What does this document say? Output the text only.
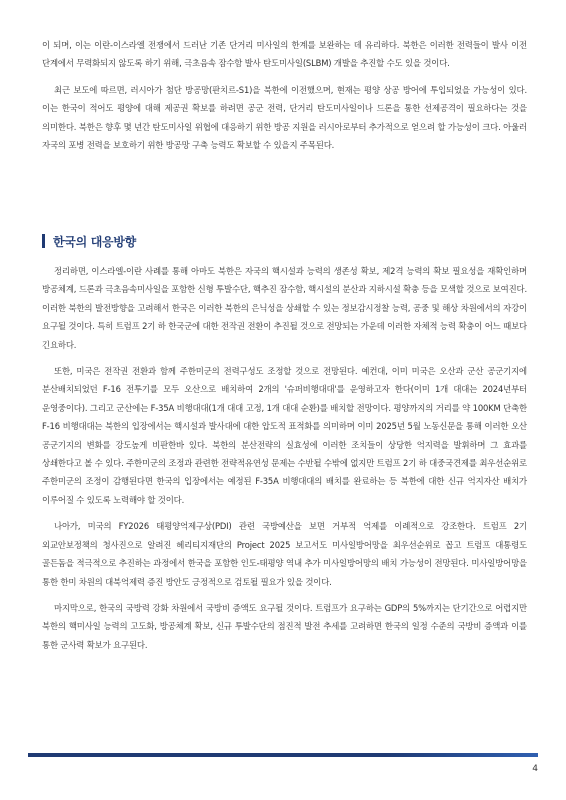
이 되며, 이는 이란-이스라엘 전쟁에서 드러난 기존 단거리 미사일의 한계를 보완하는 데 유리하다. 북한은 이러한 전력들이 발사 이전 단계에서 무력화되지 않도록 하기 위해, 극초음속 잠수함 발사 탄도미사일(SLBM) 개발을 추진할 수도 있을 것이다.

최근 보도에 따르면, 러시아가 첨단 방공망(판치르-S1)을 북한에 이전했으며, 현재는 평양 상공 방어에 투입되었을 가능성이 있다. 이는 한국이 적어도 평양에 대해 제공권 확보를 하려면 공군 전력, 단거리 탄도미사일이나 드론을 통한 선제공격이 필요하다는 것을 의미한다. 북한은 향후 몇 년간 탄도미사일 위협에 대응하기 위한 방공 지원을 러시아로부터 추가적으로 얻으려 할 가능성이 크다. 아울러 자국의 포병 전력을 보호하기 위한 방공망 구축 능력도 확보할 수 있을지 주목된다.

한국의 대응방향

정리하면, 이스라엘-이란 사례를 통해 아마도 북한은 자국의 핵시설과 능력의 생존성 확보, 제2격 능력의 확보 필요성을 재확인하며 방공체계, 드론과 극초음속미사일을 포함한 신형 투발수단, 핵추진 잠수함, 핵시설의 분산과 지하시설 확충 등을 모색할 것으로 보여진다. 이러한 북한의 발전방향을 고려해서 한국은 이러한 북한의 은닉성을 상쇄할 수 있는 정보감시정찰 능력, 공중 및 해상 차원에서의 자강이 요구될 것이다. 특히 트럼프 2기 하 한국군에 대한 전작권 전환이 추진될 것으로 전망되는 가운데 이러한 자체적 능력 확충이 어느 때보다 긴요하다.

또한, 미국은 전작권 전환과 함께 주한미군의 전력구성도 조정할 것으로 전망된다. 예컨대, 이미 미국은 오산과 군산 공군기지에 분산배치되었던 F-16 전투기를 모두 오산으로 배치하여 2개의 '슈퍼비행대대'를 운영하고자 한다(이미 1개 대대는 2024년부터 운영중이다). 그리고 군산에는 F-35A 비행대대(1개 대대 고정, 1개 대대 순환)를 배치할 전망이다. 평양까지의 거리를 약 100KM 단축한 F-16 비행대대는 북한의 입장에서는 핵시설과 발사대에 대한 압도적 표적화를 의미하며 이미 2025년 5월 노동신문을 통해 이러한 오산 공군기지의 변화를 강도높게 비판한바 있다. 북한의 분산전략의 실효성에 이러한 조치들이 상당한 억지력을 발휘하며 그 효과를 상쇄한다고 볼 수 있다. 주한미군의 조정과 관련한 전략적유연성 문제는 수반될 수밖에 없지만 트럼프 2기 하 대중국견제를 최우선순위로 주한미군의 조정이 감행된다면 한국의 입장에서는 예정된 F-35A 비행대대의 배치를 완료하는 등 북한에 대한 신규 억지자산 배치가 이루어질 수 있도록 노력해야 할 것이다.

나아가, 미국의 FY2026 태평양억제구상(PDI) 관련 국방예산을 보면 거부적 억제를 이례적으로 강조한다. 트럼프 2기 외교안보정책의 청사진으로 알려진 헤리티지재단의 Project 2025 보고서도 미사일방어망을 최우선순위로 꼽고 트럼프 대통령도 골든돔을 적극적으로 추진하는 과정에서 한국을 포함한 인도-태평양 역내 추가 미사일방어망의 배치 가능성이 전망된다. 미사일방어망을 통한 한미 차원의 대북억제력 증진 방안도 긍정적으로 검토될 필요가 있을 것이다.

마지막으로, 한국의 국방력 강화 차원에서 국방비 증액도 요구될 것이다. 트럼프가 요구하는 GDP의 5%까지는 단기간으로 어렵지만 북한의 핵미사일 능력의 고도화, 방공체계 확보, 신규 투발수단의 점진적 발전 추세를 고려하면 한국의 일정 수준의 국방비 증액과 이를 통한 군사력 확보가 요구된다.

4
